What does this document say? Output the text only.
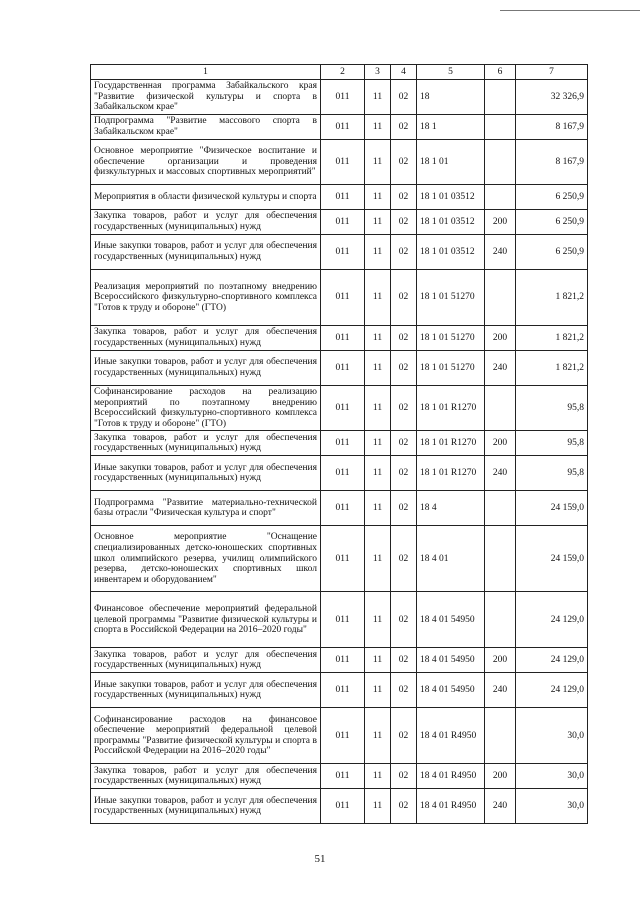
1	2	3	4	5	6	7
Государственная программа Забайкальского края "Развитие физической культуры и спорта в Забайкальском крае"	011	11	02	18		32 326,9
Подпрограмма "Развитие массового спорта в Забайкальском крае"	011	11	02	18 1		8 167,9
Основное мероприятие "Физическое воспитание и обеспечение организации и проведения физкультурных и массовых спортивных мероприятий"	011	11	02	18 1 01		8 167,9
Мероприятия в области физической культуры и спорта	011	11	02	18 1 01 03512		6 250,9
Закупка товаров, работ и услуг для обеспечения государственных (муниципальных) нужд	011	11	02	18 1 01 03512	200	6 250,9
Иные закупки товаров, работ и услуг для обеспечения государственных (муниципальных) нужд	011	11	02	18 1 01 03512	240	6 250,9
Реализация мероприятий по поэтапному внедрению Всероссийского физкультурно-спортивного комплекса "Готов к труду и обороне" (ГТО)	011	11	02	18 1 01 51270		1 821,2
Закупка товаров, работ и услуг для обеспечения государственных (муниципальных) нужд	011	11	02	18 1 01 51270	200	1 821,2
Иные закупки товаров, работ и услуг для обеспечения государственных (муниципальных) нужд	011	11	02	18 1 01 51270	240	1 821,2
Софинансирование расходов на реализацию мероприятий по поэтапному внедрению Всероссийский физкультурно-спортивного комплекса "Готов к труду и обороне" (ГТО)	011	11	02	18 1 01 R1270		95,8
Закупка товаров, работ и услуг для обеспечения государственных (муниципальных) нужд	011	11	02	18 1 01 R1270	200	95,8
Иные закупки товаров, работ и услуг для обеспечения государственных (муниципальных) нужд	011	11	02	18 1 01 R1270	240	95,8
Подпрограмма "Развитие материально-технической базы отрасли "Физическая культура и спорт"	011	11	02	18 4		24 159,0
Основное мероприятие "Оснащение специализированных детско-юношеских спортивных школ олимпийского резерва, училищ олимпийского резерва, детско-юношеских спортивных школ инвентарем и оборудованием"	011	11	02	18 4 01		24 159,0
Финансовое обеспечение мероприятий федеральной целевой программы "Развитие физической культуры и спорта в Российской Федерации на 2016–2020 годы"	011	11	02	18 4 01 54950		24 129,0
Закупка товаров, работ и услуг для обеспечения государственных (муниципальных) нужд	011	11	02	18 4 01 54950	200	24 129,0
Иные закупки товаров, работ и услуг для обеспечения государственных (муниципальных) нужд	011	11	02	18 4 01 54950	240	24 129,0
Софинансирование расходов на финансовое обеспечение мероприятий федеральной целевой программы "Развитие физической культуры и спорта в Российской Федерации на 2016–2020 годы"	011	11	02	18 4 01 R4950		30,0
Закупка товаров, работ и услуг для обеспечения государственных (муниципальных) нужд	011	11	02	18 4 01 R4950	200	30,0
Иные закупки товаров, работ и услуг для обеспечения государственных (муниципальных) нужд	011	11	02	18 4 01 R4950	240	30,0
51
